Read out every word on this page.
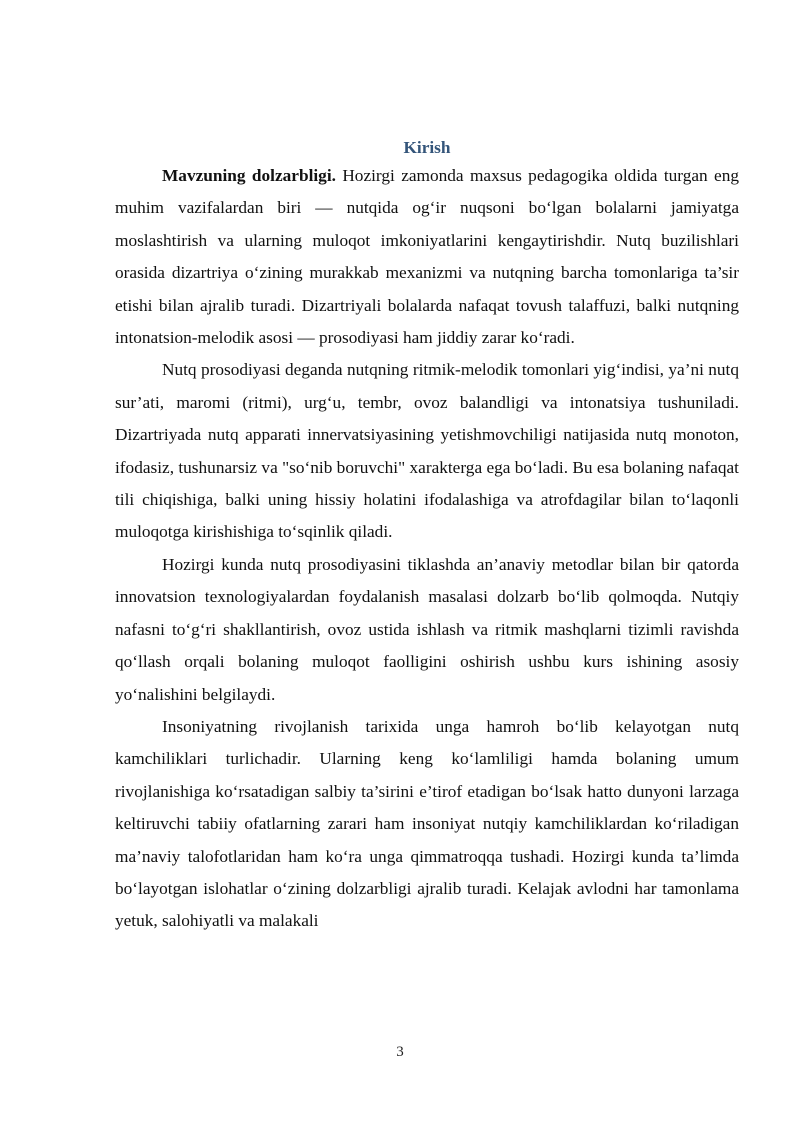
Kirish

Mavzuning dolzarbligi. Hozirgi zamonda maxsus pedagogika oldida turgan eng muhim vazifalardan biri — nutqida og‘ir nuqsoni bo‘lgan bolalarni jamiyatga moslashtirish va ularning muloqot imkoniyatlarini kengaytirishdir. Nutq buzilishlari orasida dizartriya o‘zining murakkab mexanizmi va nutqning barcha tomonlariga ta’sir etishi bilan ajralib turadi. Dizartriyali bolalarda nafaqat tovush talaffuzi, balki nutqning intonatsion-melodik asosi — prosodiyasi ham jiddiy zarar ko‘radi.

Nutq prosodiyasi deganda nutqning ritmik-melodik tomonlari yig‘indisi, ya’ni nutq sur’ati, maromi (ritmi), urg‘u, tembr, ovoz balandligi va intonatsiya tushuniladi. Dizartriyada nutq apparati innervatsiyasining yetishmovchiligi natijasida nutq monoton, ifodasiz, tushunarsiz va "so‘nib boruvchi" xarakterga ega bo‘ladi. Bu esa bolaning nafaqat tili chiqishiga, balki uning hissiy holatini ifodalashiga va atrofdagilar bilan to‘laqonli muloqotga kirishishiga to‘sqinlik qiladi.

Hozirgi kunda nutq prosodiyasini tiklashda an’anaviy metodlar bilan bir qatorda innovatsion texnologiyalardan foydalanish masalasi dolzarb bo‘lib qolmoqda. Nutqiy nafasni to‘g‘ri shakllantirish, ovoz ustida ishlash va ritmik mashqlarni tizimli ravishda qo‘llash orqali bolaning muloqot faolligini oshirish ushbu kurs ishining asosiy yo‘nalishini belgilaydi.

Insoniyatning rivojlanish tarixida unga hamroh bo‘lib kelayotgan nutq kamchiliklari turlichadir. Ularning keng ko‘lamliligi hamda bolaning umum rivojlanishiga ko‘rsatadigan salbiy ta’sirini e’tirof etadigan bo‘lsak hatto dunyoni larzaga keltiruvchi tabiiy ofatlarning zarari ham insoniyat nutqiy kamchiliklardan ko‘riladigan ma’naviy talofotlaridan ham ko‘ra unga qimmatroqqa tushadi. Hozirgi kunda ta’limda bo‘layotgan islohatlar o‘zining dolzarbligi ajralib turadi. Kelajak avlodni har tamonlama yetuk, salohiyatli va malakali

3
